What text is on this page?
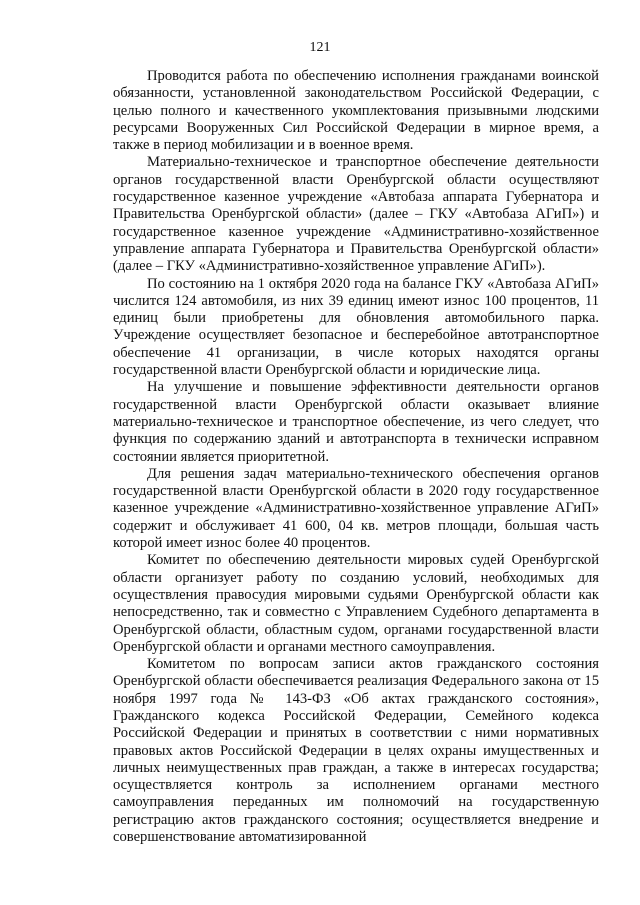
121

Проводится работа по обеспечению исполнения гражданами воинской обязанности, установленной законодательством Российской Федерации, с целью полного и качественного укомплектования призывными людскими ресурсами Вооруженных Сил Российской Федерации в мирное время, а также в период мобилизации и в военное время.

Материально-техническое и транспортное обеспечение деятельности органов государственной власти Оренбургской области осуществляют государственное казенное учреждение «Автобаза аппарата Губернатора и Правительства Оренбургской области» (далее – ГКУ «Автобаза АГиП») и государственное казенное учреждение «Административно-хозяйственное управление аппарата Губернатора и Правительства Оренбургской области» (далее – ГКУ «Административно-хозяйственное управление АГиП»).

По состоянию на 1 октября 2020 года на балансе ГКУ «Автобаза АГиП» числится 124 автомобиля, из них 39 единиц имеют износ 100 процентов, 11 единиц были приобретены для обновления автомобильного парка. Учреждение осуществляет безопасное и бесперебойное автотранспортное обеспечение 41 организации, в числе которых находятся органы государственной власти Оренбургской области и юридические лица.

На улучшение и повышение эффективности деятельности органов государственной власти Оренбургской области оказывает влияние материально-техническое и транспортное обеспечение, из чего следует, что функция по содержанию зданий и автотранспорта в технически исправном состоянии является приоритетной.

Для решения задач материально-технического обеспечения органов государственной власти Оренбургской области в 2020 году государственное казенное учреждение «Административно-хозяйственное управление АГиП» содержит и обслуживает 41 600, 04 кв. метров площади, большая часть которой имеет износ более 40 процентов.

Комитет по обеспечению деятельности мировых судей Оренбургской области организует работу по созданию условий, необходимых для осуществления правосудия мировыми судьями Оренбургской области как непосредственно, так и совместно с Управлением Судебного департамента в Оренбургской области, областным судом, органами государственной власти Оренбургской области и органами местного самоуправления.

Комитетом по вопросам записи актов гражданского состояния Оренбургской области обеспечивается реализация Федерального закона от 15 ноября 1997 года № 143-ФЗ «Об актах гражданского состояния», Гражданского кодекса Российской Федерации, Семейного кодекса Российской Федерации и принятых в соответствии с ними нормативных правовых актов Российской Федерации в целях охраны имущественных и личных неимущественных прав граждан, а также в интересах государства; осуществляется контроль за исполнением органами местного самоуправления переданных им полномочий на государственную регистрацию актов гражданского состояния; осуществляется внедрение и совершенствование автоматизированной
